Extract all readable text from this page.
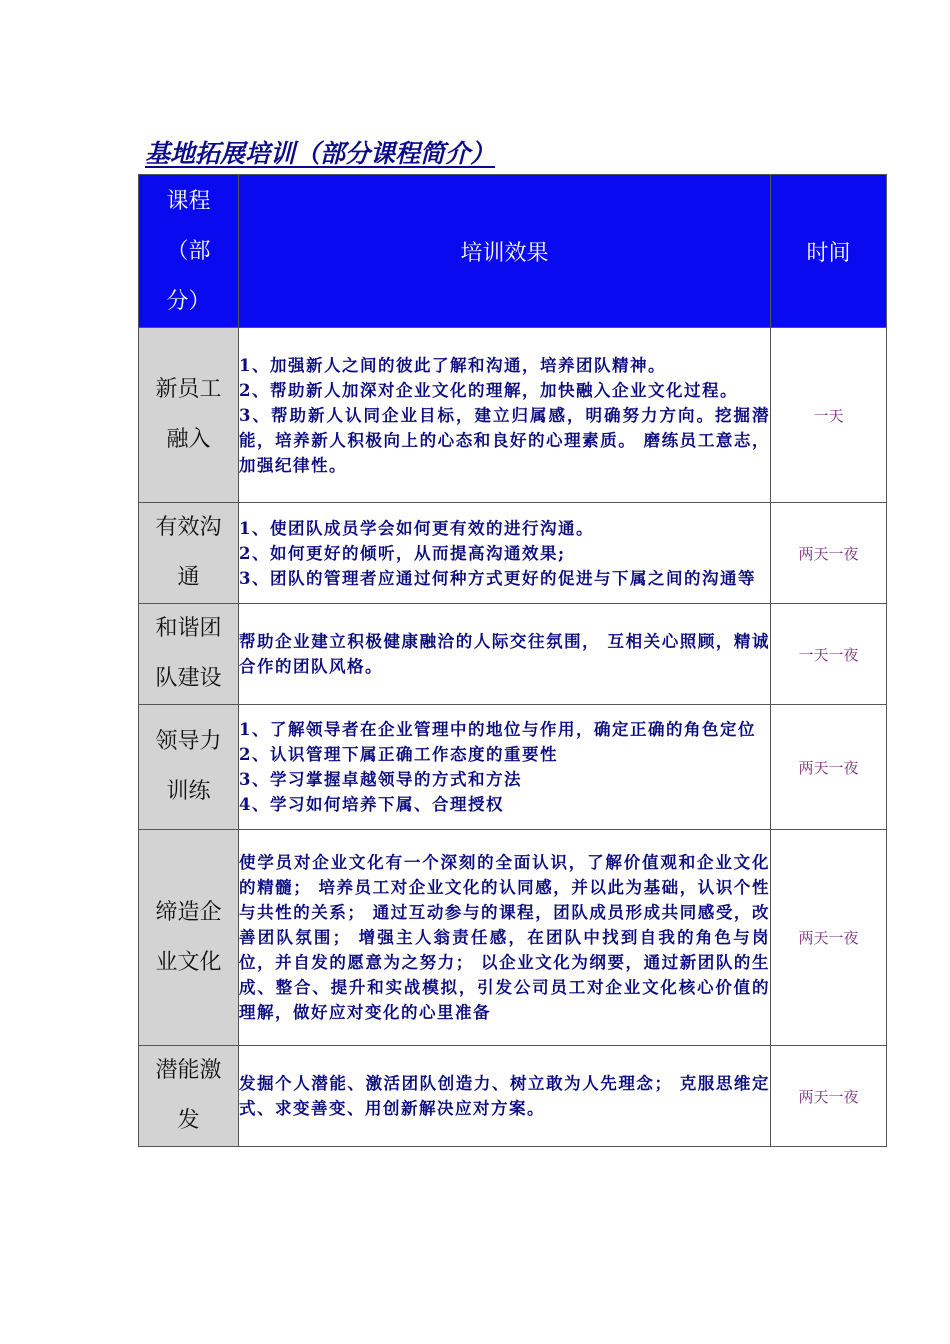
基地拓展培训（部分课程简介）
课程
（部
分）	培训效果	时间

新员工
融入	1、加强新人之间的彼此了解和沟通，培养团队精神。
2、帮助新人加深对企业文化的理解，加快融入企业文化过程。
3、帮助新人认同企业目标，建立归属感，明确努力方向。挖掘潜能，培养新人积极向上的心态和良好的心理素质。 磨练员工意志，加强纪律性。	一天

有效沟
通	1、使团队成员学会如何更有效的进行沟通。
2、如何更好的倾听，从而提高沟通效果;
3、团队的管理者应通过何种方式更好的促进与下属之间的沟通等	两天一夜

和谐团
队建设	帮助企业建立积极健康融洽的人际交往氛围， 互相关心照顾，精诚合作的团队风格。	一天一夜

领导力
训练	1、了解领导者在企业管理中的地位与作用，确定正确的角色定位
2、认识管理下属正确工作态度的重要性
3、学习掌握卓越领导的方式和方法
4、学习如何培养下属、合理授权	两天一夜

缔造企
业文化	使学员对企业文化有一个深刻的全面认识，了解价值观和企业文化的精髓； 培养员工对企业文化的认同感，并以此为基础，认识个性与共性的关系； 通过互动参与的课程，团队成员形成共同感受，改善团队氛围； 增强主人翁责任感，在团队中找到自我的角色与岗位，并自发的愿意为之努力； 以企业文化为纲要，通过新团队的生成、整合、提升和实战模拟，引发公司员工对企业文化核心价值的理解，做好应对变化的心里准备	两天一夜

潜能激
发	发掘个人潜能、激活团队创造力、树立敢为人先理念； 克服思维定式、求变善变、用创新解决应对方案。	两天一夜
